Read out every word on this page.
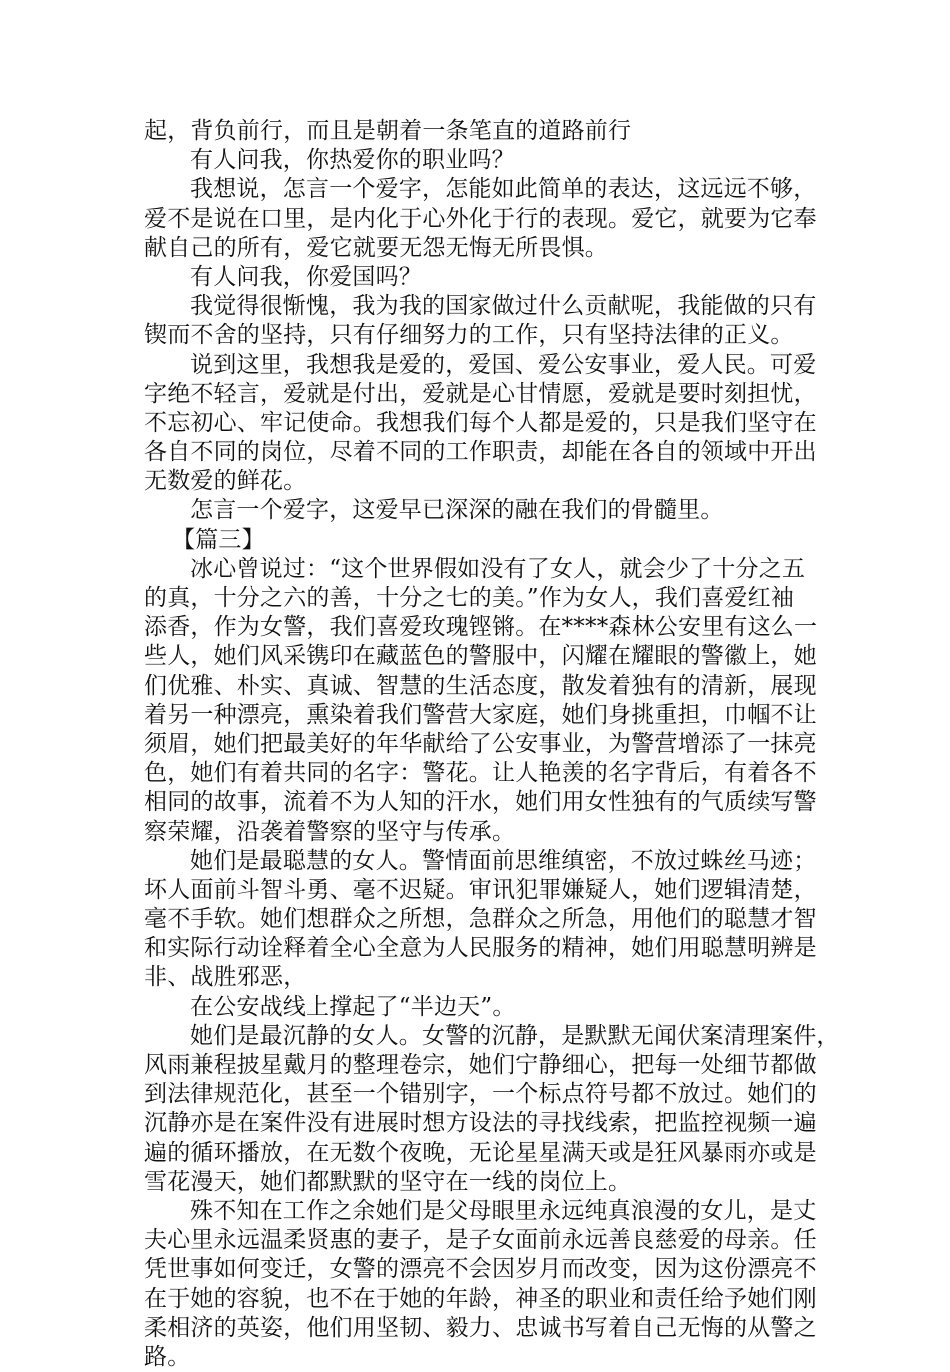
起，背负前行，而且是朝着一条笔直的道路前行
有人问我，你热爱你的职业吗？
我想说，怎言一个爱字，怎能如此简单的表达，这远远不够，
爱不是说在口里，是内化于心外化于行的表现。爱它，就要为它奉
献自己的所有，爱它就要无怨无悔无所畏惧。
有人问我，你爱国吗？
我觉得很惭愧，我为我的国家做过什么贡献呢，我能做的只有
锲而不舍的坚持，只有仔细努力的工作，只有坚持法律的正义。
说到这里，我想我是爱的，爱国、爱公安事业，爱人民。可爱
字绝不轻言，爱就是付出，爱就是心甘情愿，爱就是要时刻担忧，
不忘初心、牢记使命。我想我们每个人都是爱的，只是我们坚守在
各自不同的岗位，尽着不同的工作职责，却能在各自的领域中开出
无数爱的鲜花。
怎言一个爱字，这爱早已深深的融在我们的骨髓里。
【篇三】
冰心曾说过：“这个世界假如没有了女人，就会少了十分之五
的真，十分之六的善，十分之七的美。”作为女人，我们喜爱红袖
添香，作为女警，我们喜爱玫瑰铿锵。在****森林公安里有这么一
些人，她们风采镌印在藏蓝色的警服中，闪耀在耀眼的警徽上，她
们优雅、朴实、真诚、智慧的生活态度，散发着独有的清新，展现
着另一种漂亮，熏染着我们警营大家庭，她们身挑重担，巾帼不让
须眉，她们把最美好的年华献给了公安事业，为警营增添了一抹亮
色，她们有着共同的名字：警花。让人艳羡的名字背后，有着各不
相同的故事，流着不为人知的汗水，她们用女性独有的气质续写警
察荣耀，沿袭着警察的坚守与传承。
她们是最聪慧的女人。警情面前思维缜密，不放过蛛丝马迹；
坏人面前斗智斗勇、毫不迟疑。审讯犯罪嫌疑人，她们逻辑清楚，
毫不手软。她们想群众之所想，急群众之所急，用他们的聪慧才智
和实际行动诠释着全心全意为人民服务的精神，她们用聪慧明辨是
非、战胜邪恶，
在公安战线上撑起了“半边天”。
她们是最沉静的女人。女警的沉静，是默默无闻伏案清理案件，
风雨兼程披星戴月的整理卷宗，她们宁静细心，把每一处细节都做
到法律规范化，甚至一个错别字，一个标点符号都不放过。她们的
沉静亦是在案件没有进展时想方设法的寻找线索，把监控视频一遍
遍的循环播放，在无数个夜晚，无论星星满天或是狂风暴雨亦或是
雪花漫天，她们都默默的坚守在一线的岗位上。
殊不知在工作之余她们是父母眼里永远纯真浪漫的女儿，是丈
夫心里永远温柔贤惠的妻子，是子女面前永远善良慈爱的母亲。任
凭世事如何变迁，女警的漂亮不会因岁月而改变，因为这份漂亮不
在于她的容貌，也不在于她的年龄，神圣的职业和责任给予她们刚
柔相济的英姿，他们用坚韧、毅力、忠诚书写着自己无悔的从警之
路。
